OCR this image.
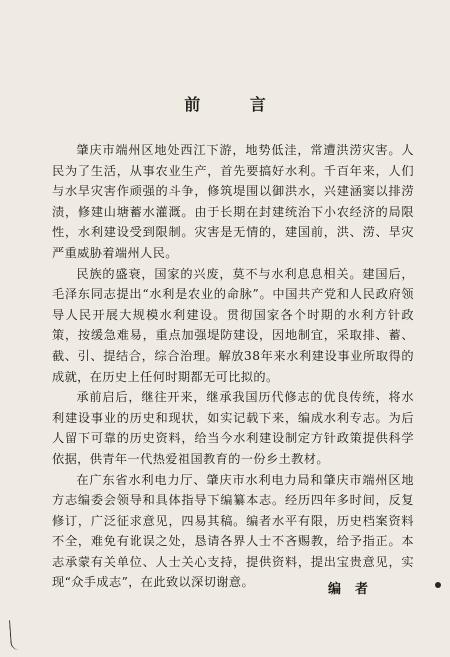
前 言

肇庆市端州区地处西江下游，地势低洼，常遭洪涝灾害。人民为了生活，从事农业生产，首先要搞好水利。千百年来，人们与水旱灾害作顽强的斗争，修筑堤围以御洪水，兴建涵窦以排涝渍，修建山塘蓄水灌溉。由于长期在封建统治下小农经济的局限性，水利建设受到限制。灾害是无情的，建国前，洪、涝、旱灾严重威胁着端州人民。

民族的盛衰，国家的兴废，莫不与水利息息相关。建国后，毛泽东同志提出“水利是农业的命脉”。中国共产党和人民政府领导人民开展大规模水利建设。贯彻国家各个时期的水利方针政策，按缓急难易，重点加强堤防建设，因地制宜，采取排、蓄、截、引、提结合，综合治理。解放38年来水利建设事业所取得的成就，在历史上任何时期都无可比拟的。

承前启后，继往开来，继承我国历代修志的优良传统，将水利建设事业的历史和现状，如实记载下来，编成水利专志。为后人留下可靠的历史资料，给当今水利建设制定方针政策提供科学依据，供青年一代热爱祖国教育的一份乡土教材。

在广东省水利电力厅、肇庆市水利电力局和肇庆市端州区地方志编委会领导和具体指导下编纂本志。经历四年多时间，反复修订，广泛征求意见，四易其稿。编者水平有限，历史档案资料不全，难免有讹误之处，恳请各界人士不吝赐教，给予指正。本志承蒙有关单位、人士关心支持，提供资料，提出宝贵意见，实现“众手成志”，在此致以深切谢意。	编者
